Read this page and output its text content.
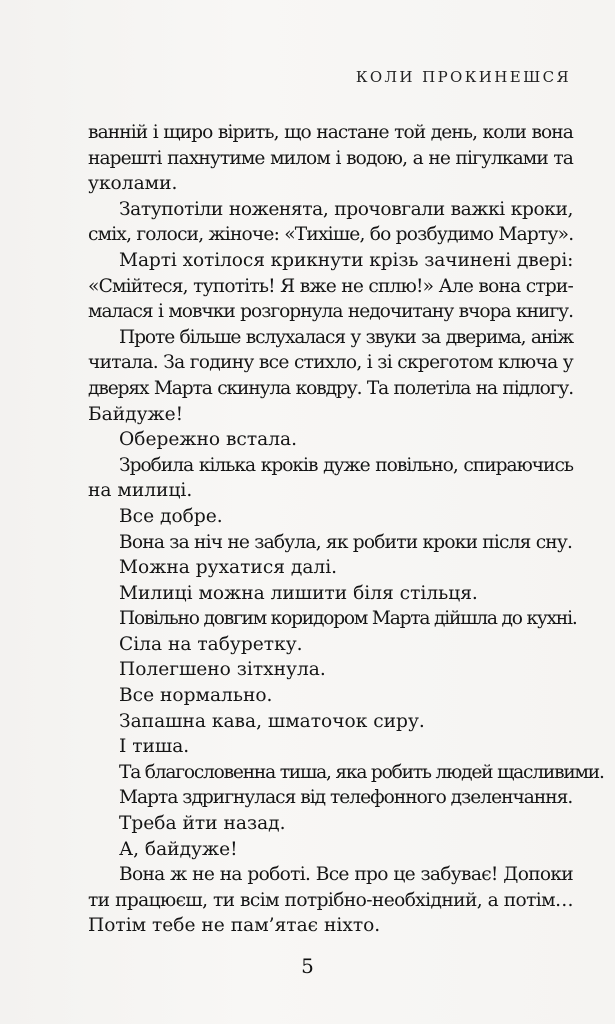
КОЛИ ПРОКИНЕШСЯ
ванній і щиро вірить, що настане той день, коли вона
нарешті пахнутиме милом і водою, а не пігулками та
уколами.
Затупотіли ноженята, прочовгали важкі кроки,
сміх, голоси, жіноче: «Тихіше, бо розбудимо Марту».
Марті хотілося крикнути крізь зачинені двері:
«Смійтеся, тупотіть! Я вже не сплю!» Але вона стри-
малася і мовчки розгорнула недочитану вчора книгу.
Проте більше вслухалася у звуки за дверима, аніж
читала. За годину все стихло, і зі скреготом ключа у
дверях Марта скинула ковдру. Та полетіла на підлогу.
Байдуже!
Обережно встала.
Зробила кілька кроків дуже повільно, спираючись
на милиці.
Все добре.
Вона за ніч не забула, як робити кроки після сну.
Можна рухатися далі.
Милиці можна лишити біля стільця.
Повільно довгим коридором Марта дійшла до кухні.
Сіла на табуретку.
Полегшено зітхнула.
Все нормально.
Запашна кава, шматочок сиру.
І тиша.
Та благословенна тиша, яка робить людей щасливими.
Марта здригнулася від телефонного дзеленчання.
Треба йти назад.
А, байдуже!
Вона ж не на роботі. Все про це забуває! Допоки
ти працюєш, ти всім потрібно-необхідний, а потім…
Потім тебе не пам’ятає ніхто.
5
